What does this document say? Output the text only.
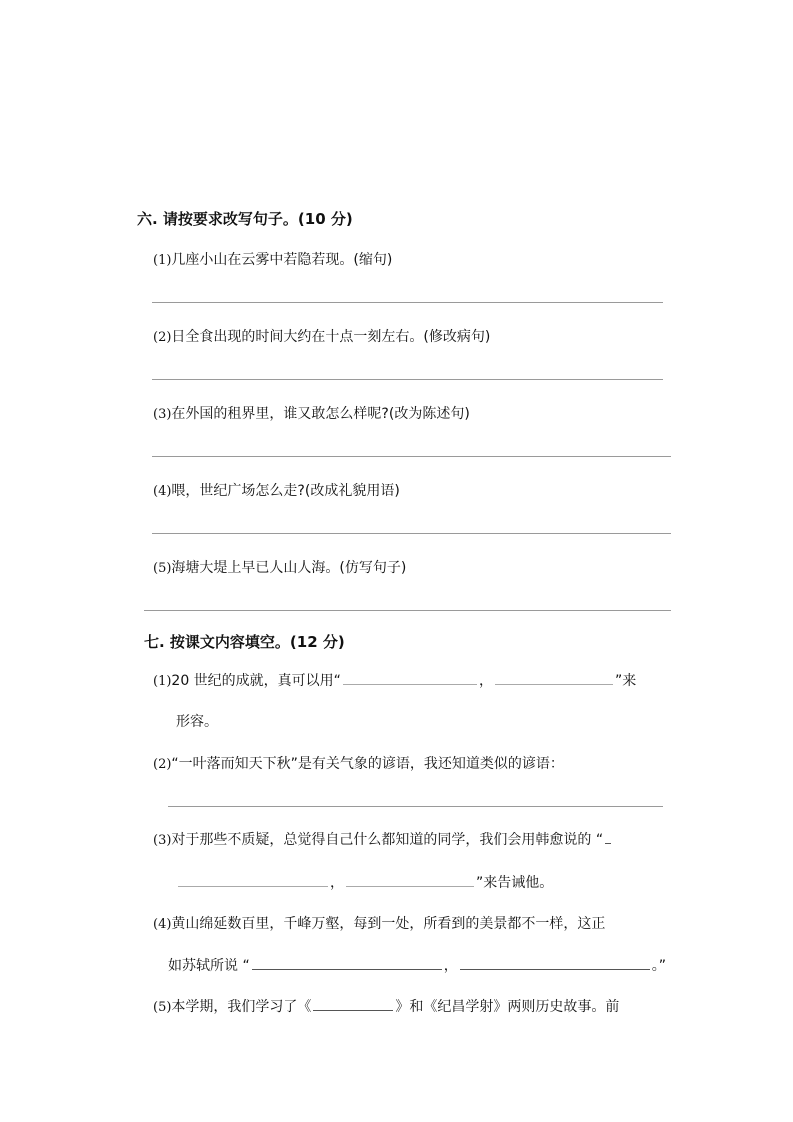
六. 请按要求改写句子。(10 分)
(1)几座小山在云雾中若隐若现。(缩句)
(2)日全食出现的时间大约在十点一刻左右。(修改病句)
(3)在外国的租界里，谁又敢怎么样呢?(改为陈述句)
(4)喂，世纪广场怎么走?(改成礼貌用语)
(5)海塘大堤上早已人山人海。(仿写句子)
七. 按课文内容填空。(12 分)
(1)20 世纪的成就，真可以用“	，	”来
形容。
(2)“一叶落而知天下秋”是有关气象的谚语，我还知道类似的谚语：
(3)对于那些不质疑，总觉得自己什么都知道的同学，我们会用韩愈说的 “
，	”来告诫他。
(4)黄山绵延数百里，千峰万壑，每到一处，所看到的美景都不一样，这正
如苏轼所说 “	，	。”
(5)本学期，我们学习了《	》和《纪昌学射》两则历史故事。前
